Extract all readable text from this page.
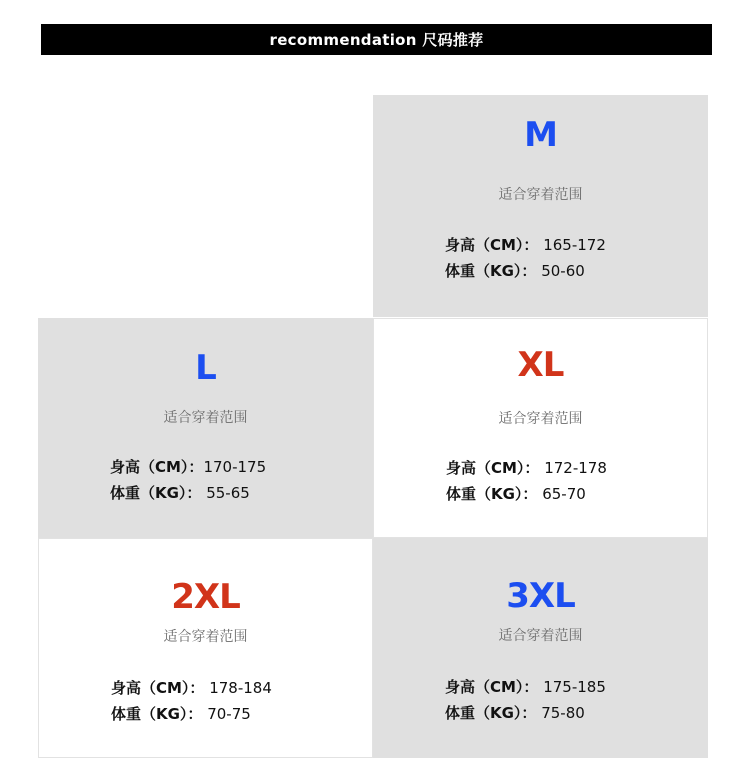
recommendation 尺码推荐
M
适合穿着范围
身高（CM）： 165-172
体重（KG）： 50-60
L
适合穿着范围
身高（CM）：170-175
体重（KG）： 55-65
XL
适合穿着范围
身高（CM）： 172-178
体重（KG）： 65-70
2XL
适合穿着范围
身高（CM）： 178-184
体重（KG）： 70-75
3XL
适合穿着范围
身高（CM）： 175-185
体重（KG）： 75-80
